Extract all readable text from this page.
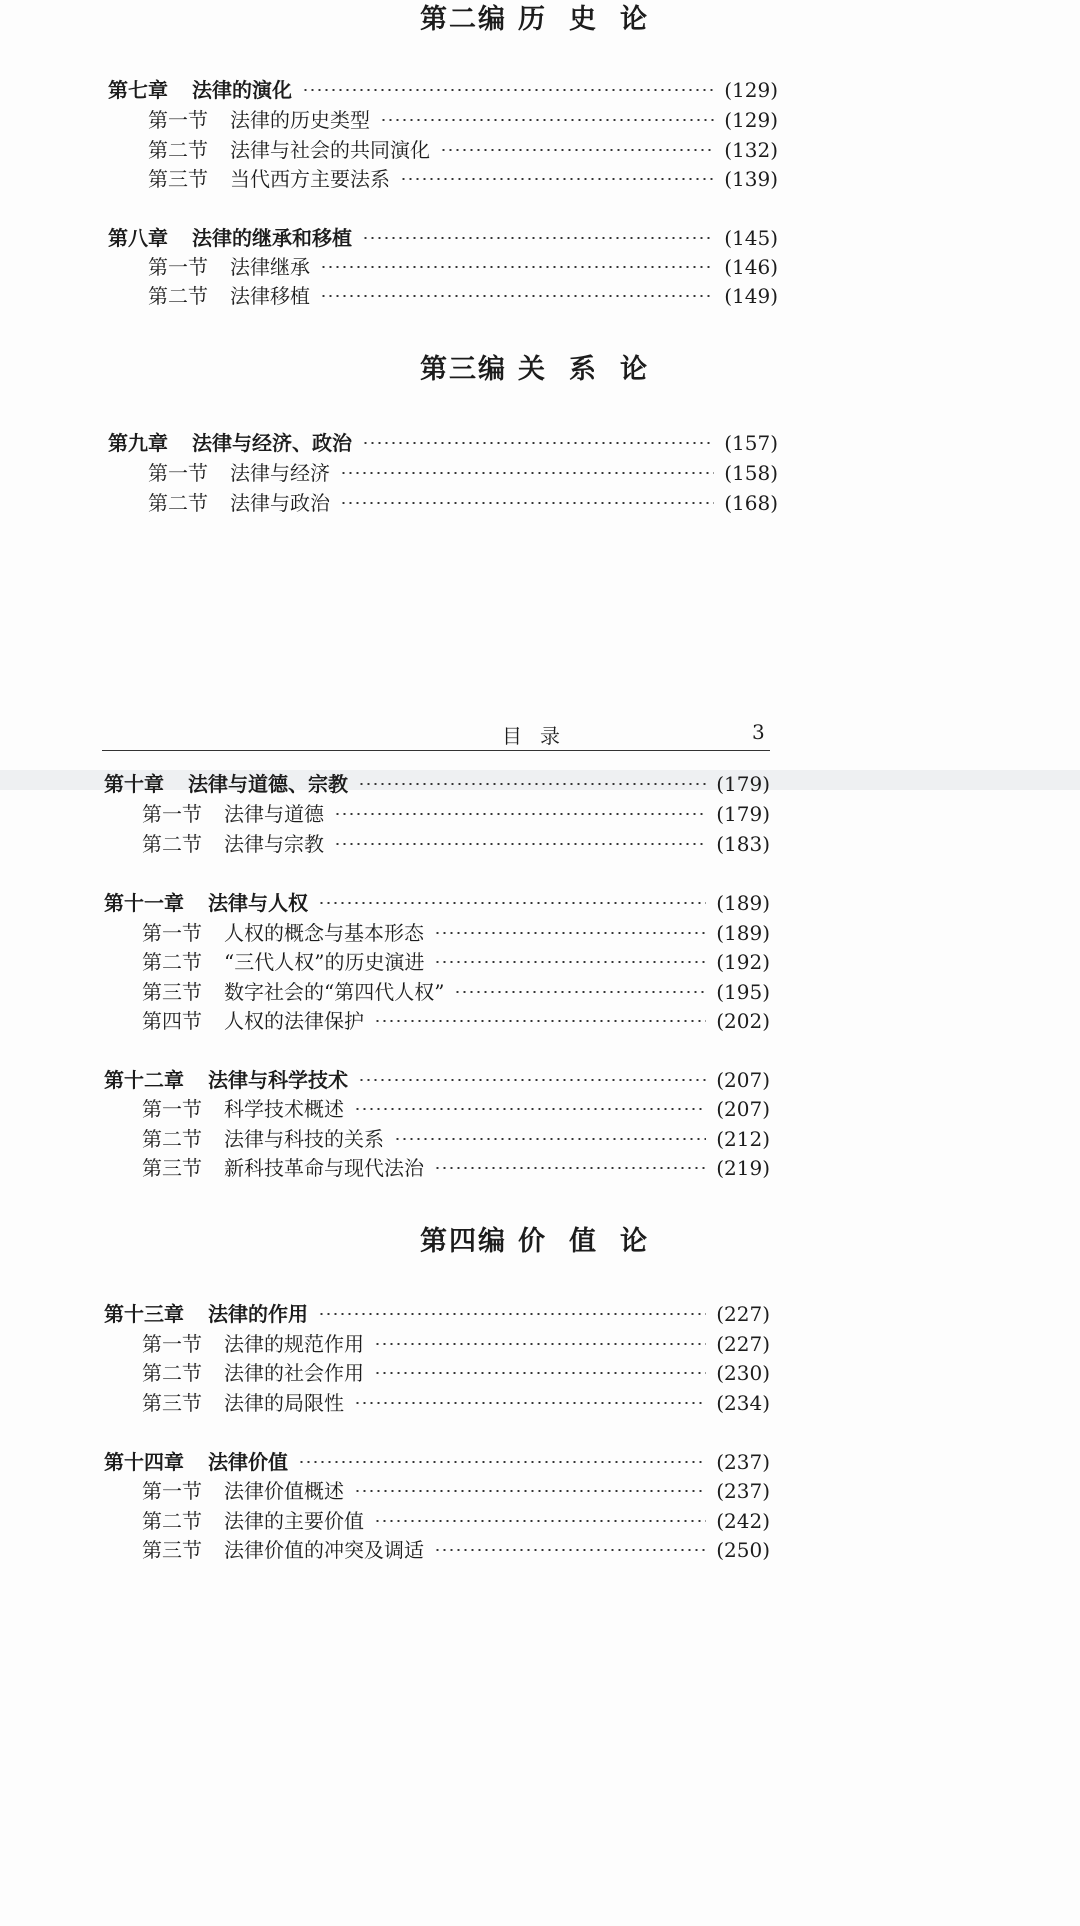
第二编 历 史 论
第七章 法律的演化	(129)
第一节 法律的历史类型	(129)
第二节 法律与社会的共同演化	(132)
第三节 当代西方主要法系	(139)
第八章 法律的继承和移植	(145)
第一节 法律继承	(146)
第二节 法律移植	(149)
第三编 关 系 论
第九章 法律与经济、政治	(157)
第一节 法律与经济	(158)
第二节 法律与政治	(168)
目录	3
第十章 法律与道德、宗教	(179)
第一节 法律与道德	(179)
第二节 法律与宗教	(183)
第十一章 法律与人权	(189)
第一节 人权的概念与基本形态	(189)
第二节 “三代人权”的历史演进	(192)
第三节 数字社会的“第四代人权”	(195)
第四节 人权的法律保护	(202)
第十二章 法律与科学技术	(207)
第一节 科学技术概述	(207)
第二节 法律与科技的关系	(212)
第三节 新科技革命与现代法治	(219)
第四编 价 值 论
第十三章 法律的作用	(227)
第一节 法律的规范作用	(227)
第二节 法律的社会作用	(230)
第三节 法律的局限性	(234)
第十四章 法律价值	(237)
第一节 法律价值概述	(237)
第二节 法律的主要价值	(242)
第三节 法律价值的冲突及调适	(250)
